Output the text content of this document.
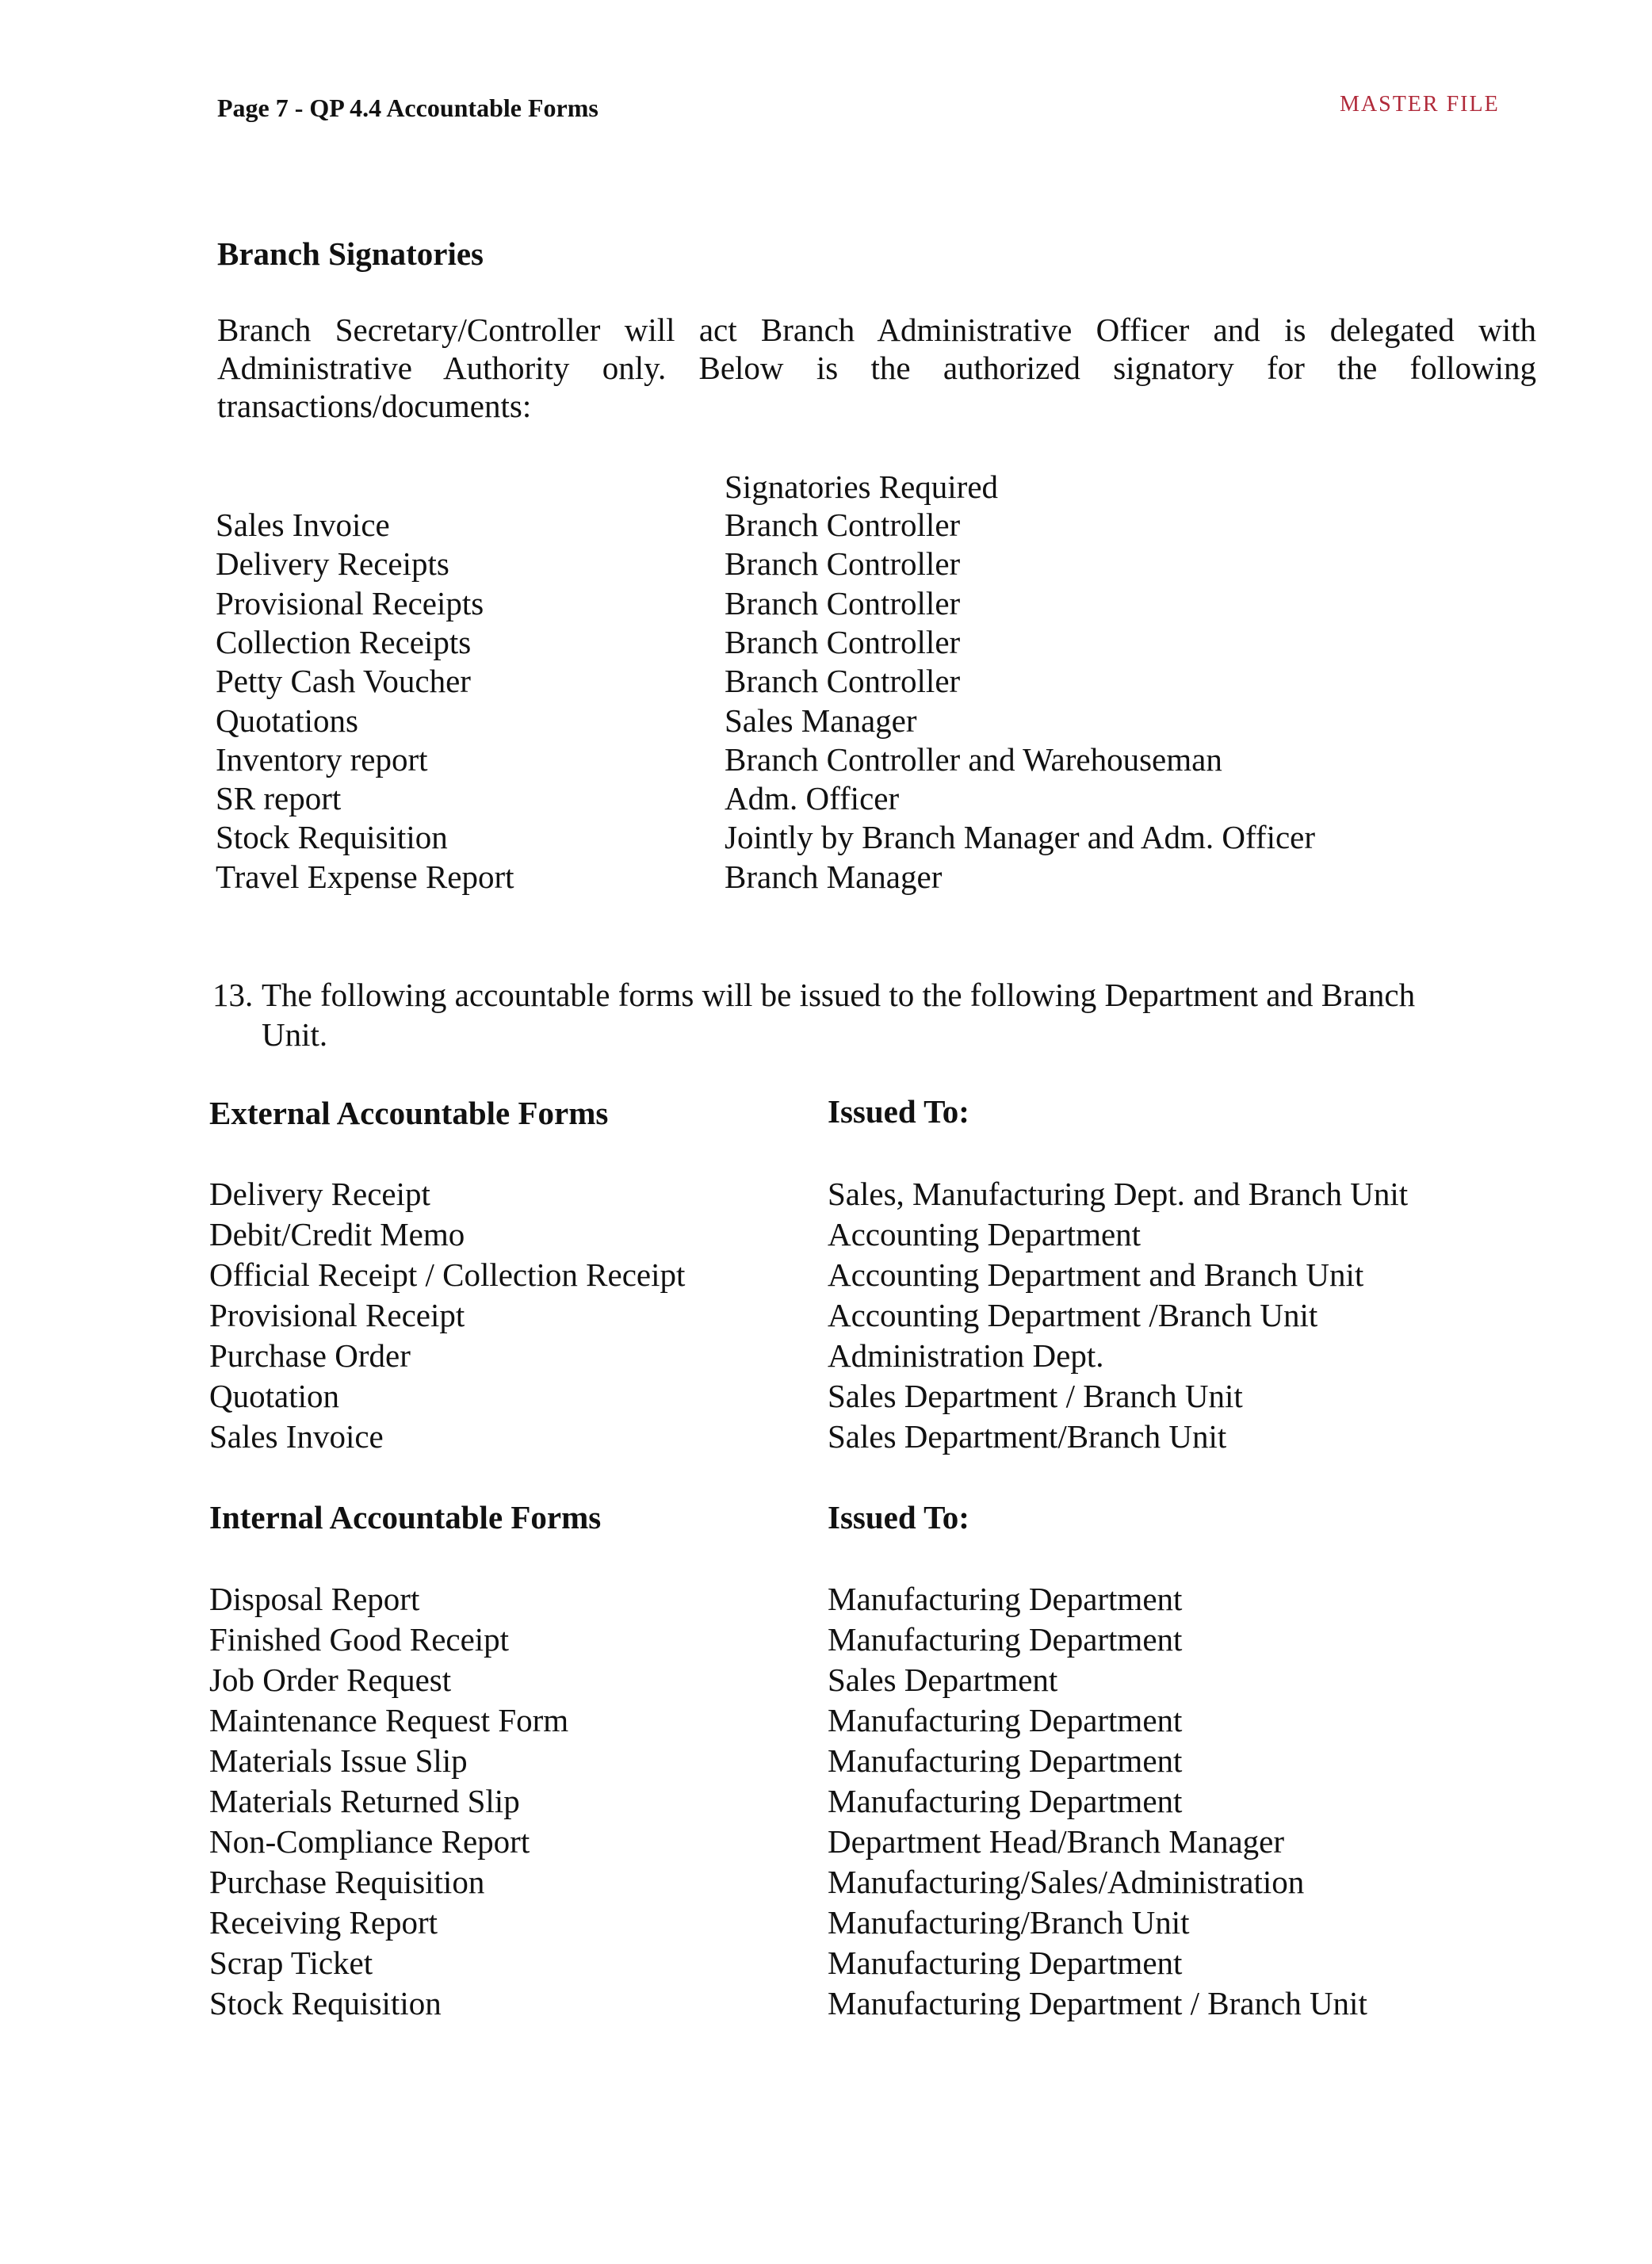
Page 7 - QP 4.4 Accountable Forms	MASTER FILE
Branch Signatories
Branch Secretary/Controller will act Branch Administrative Officer and is delegated with Administrative Authority only. Below is the authorized signatory for the following transactions/documents:
Signatories Required
Sales Invoice	Branch Controller
Delivery Receipts	Branch Controller
Provisional Receipts	Branch Controller
Collection Receipts	Branch Controller
Petty Cash Voucher	Branch Controller
Quotations	Sales Manager
Inventory report	Branch Controller and Warehouseman
SR report	Adm. Officer
Stock Requisition	Jointly by Branch Manager and Adm. Officer
Travel Expense Report	Branch Manager
13. The following accountable forms will be issued to the following Department and Branch
Unit.
External Accountable Forms	Issued To:
Delivery Receipt	Sales, Manufacturing Dept. and Branch Unit
Debit/Credit Memo	Accounting Department
Official Receipt / Collection Receipt	Accounting Department and Branch Unit
Provisional Receipt	Accounting Department /Branch Unit
Purchase Order	Administration Dept.
Quotation	Sales Department / Branch Unit
Sales Invoice	Sales Department/Branch Unit
Internal Accountable Forms	Issued To:
Disposal Report	Manufacturing Department
Finished Good Receipt	Manufacturing Department
Job Order Request	Sales Department
Maintenance Request Form	Manufacturing Department
Materials Issue Slip	Manufacturing Department
Materials Returned Slip	Manufacturing Department
Non-Compliance Report	Department Head/Branch Manager
Purchase Requisition	Manufacturing/Sales/Administration
Receiving Report	Manufacturing/Branch Unit
Scrap Ticket	Manufacturing Department
Stock Requisition	Manufacturing Department / Branch Unit
